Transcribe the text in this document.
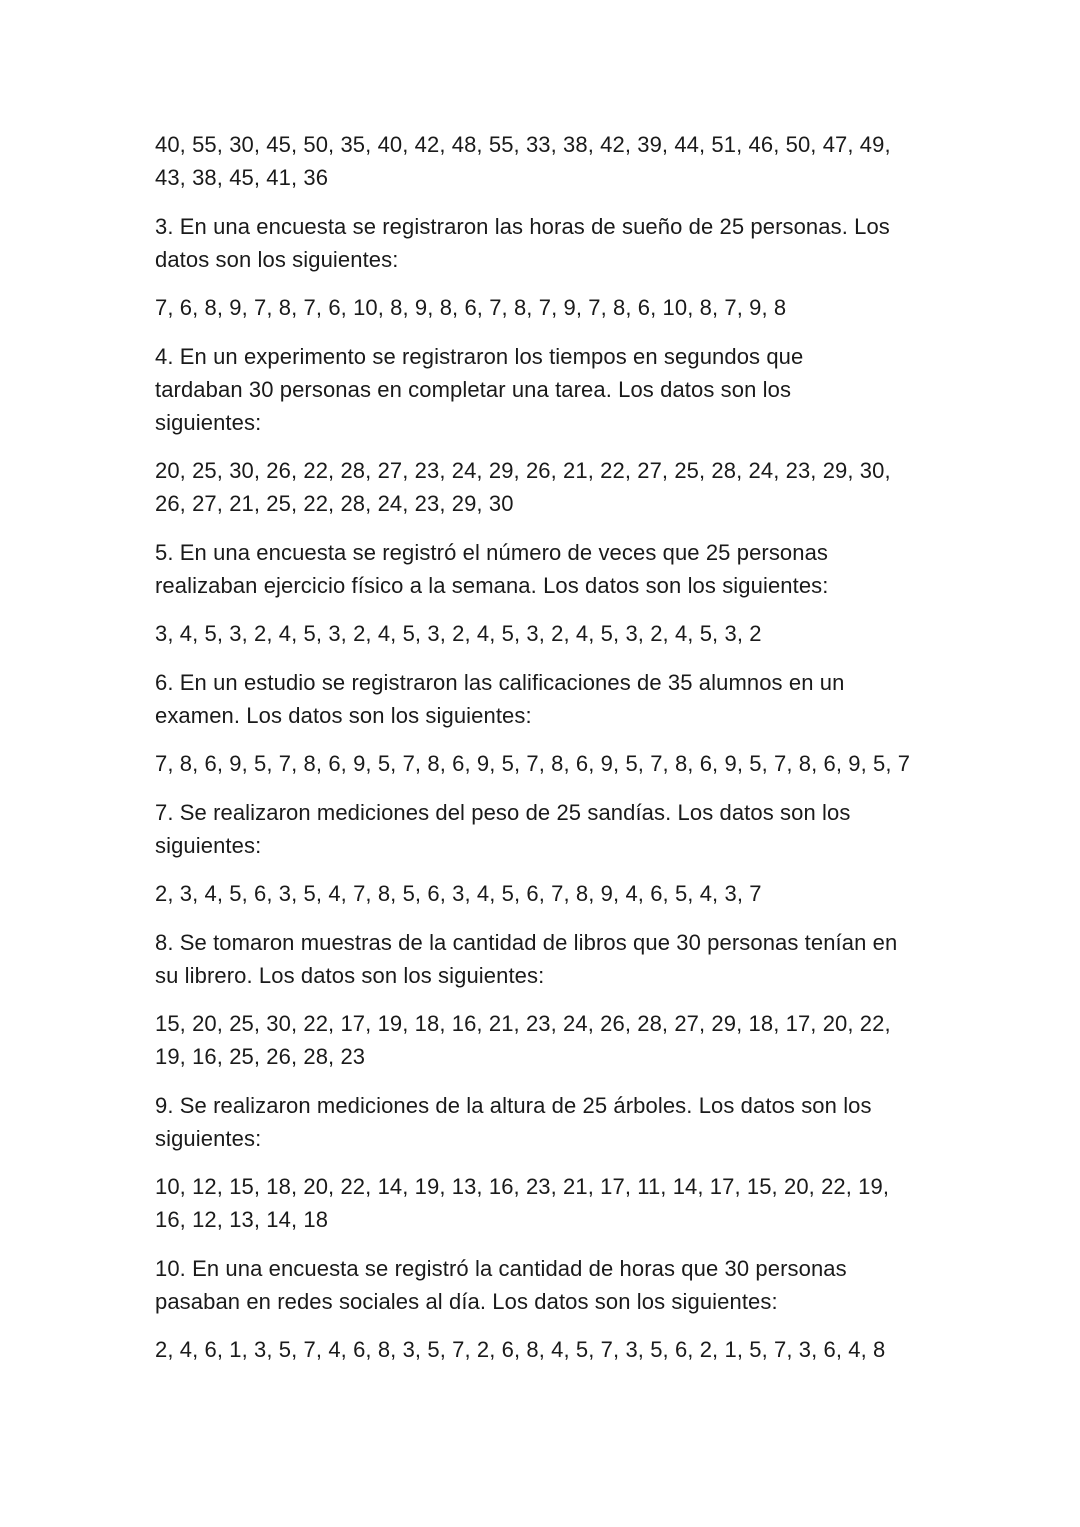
40, 55, 30, 45, 50, 35, 40, 42, 48, 55, 33, 38, 42, 39, 44, 51, 46, 50, 47, 49,
43, 38, 45, 41, 36
3. En una encuesta se registraron las horas de sueño de 25 personas. Los
datos son los siguientes:
7, 6, 8, 9, 7, 8, 7, 6, 10, 8, 9, 8, 6, 7, 8, 7, 9, 7, 8, 6, 10, 8, 7, 9, 8
4. En un experimento se registraron los tiempos en segundos que
tardaban 30 personas en completar una tarea. Los datos son los
siguientes:
20, 25, 30, 26, 22, 28, 27, 23, 24, 29, 26, 21, 22, 27, 25, 28, 24, 23, 29, 30,
26, 27, 21, 25, 22, 28, 24, 23, 29, 30
5. En una encuesta se registró el número de veces que 25 personas
realizaban ejercicio físico a la semana. Los datos son los siguientes:
3, 4, 5, 3, 2, 4, 5, 3, 2, 4, 5, 3, 2, 4, 5, 3, 2, 4, 5, 3, 2, 4, 5, 3, 2
6. En un estudio se registraron las calificaciones de 35 alumnos en un
examen. Los datos son los siguientes:
7, 8, 6, 9, 5, 7, 8, 6, 9, 5, 7, 8, 6, 9, 5, 7, 8, 6, 9, 5, 7, 8, 6, 9, 5, 7, 8, 6, 9, 5, 7
7. Se realizaron mediciones del peso de 25 sandías. Los datos son los
siguientes:
2, 3, 4, 5, 6, 3, 5, 4, 7, 8, 5, 6, 3, 4, 5, 6, 7, 8, 9, 4, 6, 5, 4, 3, 7
8. Se tomaron muestras de la cantidad de libros que 30 personas tenían en
su librero. Los datos son los siguientes:
15, 20, 25, 30, 22, 17, 19, 18, 16, 21, 23, 24, 26, 28, 27, 29, 18, 17, 20, 22,
19, 16, 25, 26, 28, 23
9. Se realizaron mediciones de la altura de 25 árboles. Los datos son los
siguientes:
10, 12, 15, 18, 20, 22, 14, 19, 13, 16, 23, 21, 17, 11, 14, 17, 15, 20, 22, 19,
16, 12, 13, 14, 18
10. En una encuesta se registró la cantidad de horas que 30 personas
pasaban en redes sociales al día. Los datos son los siguientes:
2, 4, 6, 1, 3, 5, 7, 4, 6, 8, 3, 5, 7, 2, 6, 8, 4, 5, 7, 3, 5, 6, 2, 1, 5, 7, 3, 6, 4, 8
